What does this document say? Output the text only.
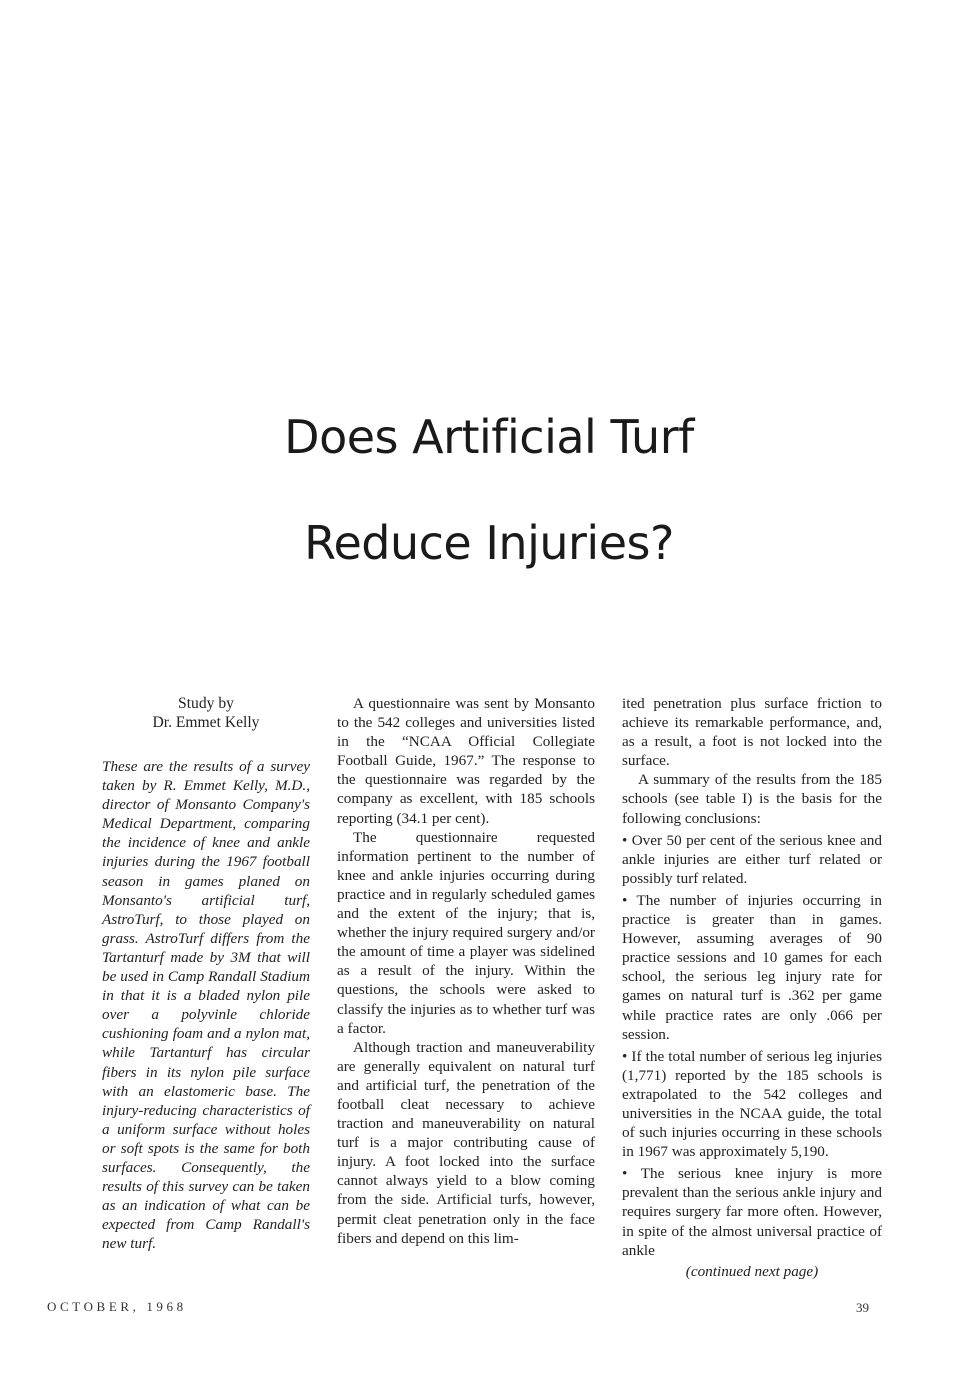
Does Artificial Turf
Reduce Injuries?
Study by
Dr. Emmet Kelly

These are the results of a survey taken by R. Emmet Kelly, M.D., director of Monsanto Company's Medical Department, comparing the incidence of knee and ankle injuries during the 1967 football season in games planed on Monsanto's artificial turf, AstroTurf, to those played on grass. AstroTurf differs from the Tartanturf made by 3M that will be used in Camp Randall Stadium in that it is a bladed nylon pile over a polyvinle chloride cushioning foam and a nylon mat, while Tartanturf has circular fibers in its nylon pile surface with an elastomeric base. The injury-reducing characteristics of a uniform surface without holes or soft spots is the same for both surfaces. Consequently, the results of this survey can be taken as an indication of what can be expected from Camp Randall's new turf.

A questionnaire was sent by Monsanto to the 542 colleges and universities listed in the “NCAA Official Collegiate Football Guide, 1967.” The response to the questionnaire was regarded by the company as excellent, with 185 schools reporting (34.1 per cent).

The questionnaire requested information pertinent to the number of knee and ankle injuries occurring during practice and in regularly scheduled games and the extent of the injury; that is, whether the injury required surgery and/or the amount of time a player was sidelined as a result of the injury. Within the questions, the schools were asked to classify the injuries as to whether turf was a factor.

Although traction and maneuverability are generally equivalent on natural turf and artificial turf, the penetration of the football cleat necessary to achieve traction and maneuverability on natural turf is a major contributing cause of injury. A foot locked into the surface cannot always yield to a blow coming from the side. Artificial turfs, however, permit cleat penetration only in the face fibers and depend on this lim-

ited penetration plus surface friction to achieve its remarkable performance, and, as a result, a foot is not locked into the surface.

A summary of the results from the 185 schools (see table I) is the basis for the following conclusions:

• Over 50 per cent of the serious knee and ankle injuries are either turf related or possibly turf related.

• The number of injuries occurring in practice is greater than in games. However, assuming averages of 90 practice sessions and 10 games for each school, the serious leg injury rate for games on natural turf is .362 per game while practice rates are only .066 per session.

• If the total number of serious leg injuries (1,771) reported by the 185 schools is extrapolated to the 542 colleges and universities in the NCAA guide, the total of such injuries occurring in these schools in 1967 was approximately 5,190.

• The serious knee injury is more prevalent than the serious ankle injury and requires surgery far more often. However, in spite of the almost universal practice of ankle

(continued next page)

OCTOBER, 1968	39
